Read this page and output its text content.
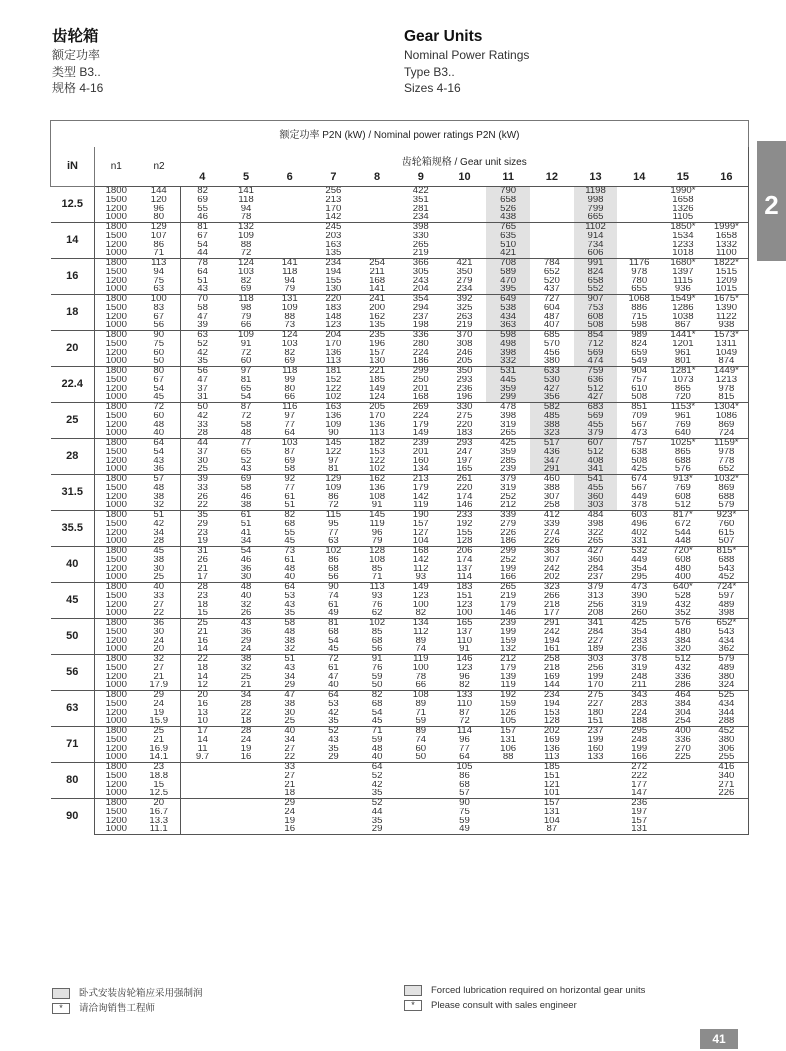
齿轮箱
额定功率
类型 B3..
规格 4-16
Gear Units
Nominal Power Ratings
Type B3..
Sizes 4-16
2
额定功率 P2N (kW) / Nominal power ratings P2N (kW)															
iN	n1	n2	齿轮箱规格 / Gear unit sizes												
			4	5	6	7	8	9	10	11	12	13	14	15	16
12.5	1800	144	82	141		256		422		790		1198		1990*	
	1500	120	69	118		213		351		658		998		1658	
	1200	96	55	94		170		281		526		799		1326	
	1000	80	46	78		142		234		438		665		1105	
14	1800	129	81	132		245		398		765		1102		1850*	1999*
	1500	107	67	109		203		330		635		914		1534	1658
	1200	86	54	88		163		265		510		734		1233	1332
	1000	71	44	72		135		219		421		606		1018	1100
16	1800	113	78	124	141	234	254	366	421	708	784	991	1176	1680*	1822*
	1500	94	64	103	118	194	211	305	350	589	652	824	978	1397	1515
	1200	75	51	82	94	155	168	243	279	470	520	658	780	1115	1209
	1000	63	43	69	79	130	141	204	234	395	437	552	655	936	1015
18	1800	100	70	118	131	220	241	354	392	649	727	907	1068	1549*	1675*
	1500	83	58	98	109	183	200	294	325	538	604	753	886	1286	1390
	1200	67	47	79	88	148	162	237	263	434	487	608	715	1038	1122
	1000	56	39	66	73	123	135	198	219	363	407	508	598	867	938
20	1800	90	63	109	124	204	235	336	370	598	685	854	989	1441*	1573*
	1500	75	52	91	103	170	196	280	308	498	570	712	824	1201	1311
	1200	60	42	72	82	136	157	224	246	398	456	569	659	961	1049
	1000	50	35	60	69	113	130	186	205	332	380	474	549	801	874
22.4	1800	80	56	97	118	181	221	299	350	531	633	759	904	1281*	1449*
	1500	67	47	81	99	152	185	250	293	445	530	636	757	1073	1213
	1200	54	37	65	80	122	149	201	236	359	427	512	610	865	978
	1000	45	31	54	66	102	124	168	196	299	356	427	508	720	815
25	1800	72	50	87	116	163	205	269	330	478	582	683	851	1153*	1304*
	1500	60	42	72	97	136	170	224	275	398	485	569	709	961	1086
	1200	48	33	58	77	109	136	179	220	319	388	455	567	769	869
	1000	40	28	48	64	90	113	149	183	265	323	379	473	640	724
28	1800	64	44	77	103	145	182	239	293	425	517	607	757	1025*	1159*
	1500	54	37	65	87	122	153	201	247	359	436	512	638	865	978
	1200	43	30	52	69	97	122	160	197	285	347	408	508	688	778
	1000	36	25	43	58	81	102	134	165	239	291	341	425	576	652
31.5	1800	57	39	69	92	129	162	213	261	379	460	541	674	913*	1032*
	1500	48	33	58	77	109	136	179	220	319	388	455	567	769	869
	1200	38	26	46	61	86	108	142	174	252	307	360	449	608	688
	1000	32	22	38	51	72	91	119	146	212	258	303	378	512	579
35.5	1800	51	35	61	82	115	145	190	233	339	412	484	603	817*	923*
	1500	42	29	51	68	95	119	157	192	279	339	398	496	672	760
	1200	34	23	41	55	77	96	127	155	226	274	322	402	544	615
	1000	28	19	34	45	63	79	104	128	186	226	265	331	448	507
40	1800	45	31	54	73	102	128	168	206	299	363	427	532	720*	815*
	1500	38	26	46	61	86	108	142	174	252	307	360	449	608	688
	1200	30	21	36	48	68	85	112	137	199	242	284	354	480	543
	1000	25	17	30	40	56	71	93	114	166	202	237	295	400	452
45	1800	40	28	48	64	90	113	149	183	265	323	379	473	640*	724*
	1500	33	23	40	53	74	93	123	151	219	266	313	390	528	597
	1200	27	18	32	43	61	76	100	123	179	218	256	319	432	489
	1000	22	15	26	35	49	62	82	100	146	177	208	260	352	398
50	1800	36	25	43	58	81	102	134	165	239	291	341	425	576	652*
	1500	30	21	36	48	68	85	112	137	199	242	284	354	480	543
	1200	24	16	29	38	54	68	89	110	159	194	227	283	384	434
	1000	20	14	24	32	45	56	74	91	132	161	189	236	320	362
56	1800	32	22	38	51	72	91	119	146	212	258	303	378	512	579
	1500	27	18	32	43	61	76	100	123	179	218	256	319	432	489
	1200	21	14	25	34	47	59	78	96	139	169	199	248	336	380
	1000	17.9	12	21	29	40	50	66	82	119	144	170	211	286	324
63	1800	29	20	34	47	64	82	108	133	192	234	275	343	464	525
	1500	24	16	28	38	53	68	89	110	159	194	227	283	384	434
	1200	19	13	22	30	42	54	71	87	126	153	180	224	304	344
	1000	15.9	10	18	25	35	45	59	72	105	128	151	188	254	288
71	1800	25	17	28	40	52	71	89	114	157	202	237	295	400	452
	1500	21	14	24	34	43	59	74	96	131	169	199	248	336	380
	1200	16.9	11	19	27	35	48	60	77	106	136	160	199	270	306
	1000	14.1	9.7	16	22	29	40	50	64	88	113	133	166	225	255
80	1800	23			33		64		105		185		272		416
	1500	18.8			27		52		86		151		222		340
	1200	15			21		42		68		121		177		271
	1000	12.5			18		35		57		101		147		226
90	1800	20			29		52		90		157		236		
	1500	16.7			24		44		75		131		197		
	1200	13.3			19		35		59		104		157		
	1000	11.1			16		29		49		87		131		
卧式安装齿轮箱应采用强制润
* 请洽询销售工程师
Forced lubrication required on horizontal gear units
* Please consult with sales engineer
41
